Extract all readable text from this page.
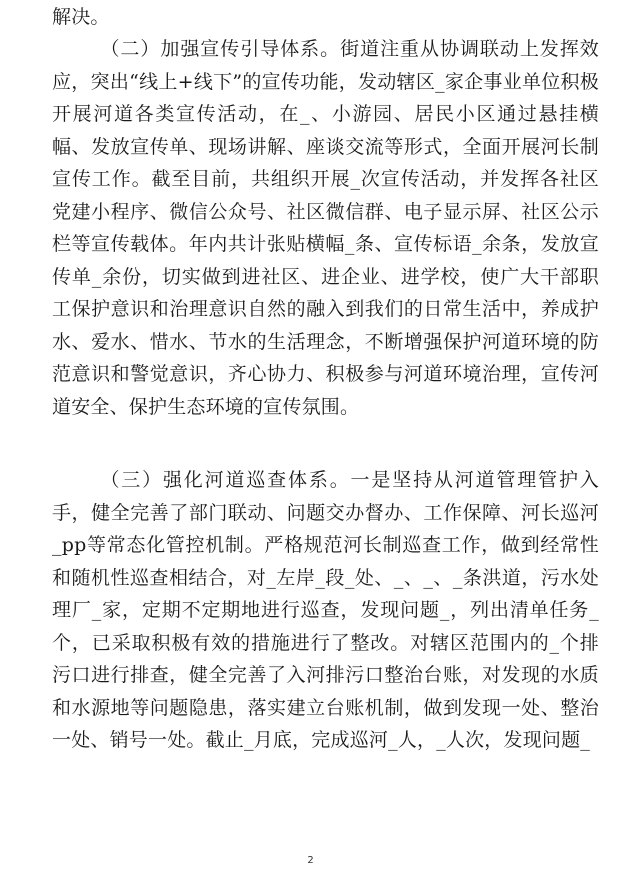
解决。

（二）加强宣传引导体系。街道注重从协调联动上发挥效应，突出“线上+线下”的宣传功能，发动辖区_家企事业单位积极开展河道各类宣传活动，在_、小游园、居民小区通过悬挂横幅、发放宣传单、现场讲解、座谈交流等形式，全面开展河长制宣传工作。截至目前，共组织开展_次宣传活动，并发挥各社区党建小程序、微信公众号、社区微信群、电子显示屏、社区公示栏等宣传载体。年内共计张贴横幅_条、宣传标语_余条，发放宣传单_余份，切实做到进社区、进企业、进学校，使广大干部职工保护意识和治理意识自然的融入到我们的日常生活中，养成护水、爱水、惜水、节水的生活理念，不断增强保护河道环境的防范意识和警觉意识，齐心协力、积极参与河道环境治理，宣传河道安全、保护生态环境的宣传氛围。

（三）强化河道巡查体系。一是坚持从河道管理管护入手，健全完善了部门联动、问题交办督办、工作保障、河长巡河_pp等常态化管控机制。严格规范河长制巡查工作，做到经常性和随机性巡查相结合，对_左岸_段_处、_、_、_条洪道，污水处理厂_家，定期不定期地进行巡查，发现问题_，列出清单任务_个，已采取积极有效的措施进行了整改。对辖区范围内的_个排污口进行排查，健全完善了入河排污口整治台账，对发现的水质和水源地等问题隐患，落实建立台账机制，做到发现一处、整治一处、销号一处。截止_月底，完成巡河_人，_人次，发现问题_

2
